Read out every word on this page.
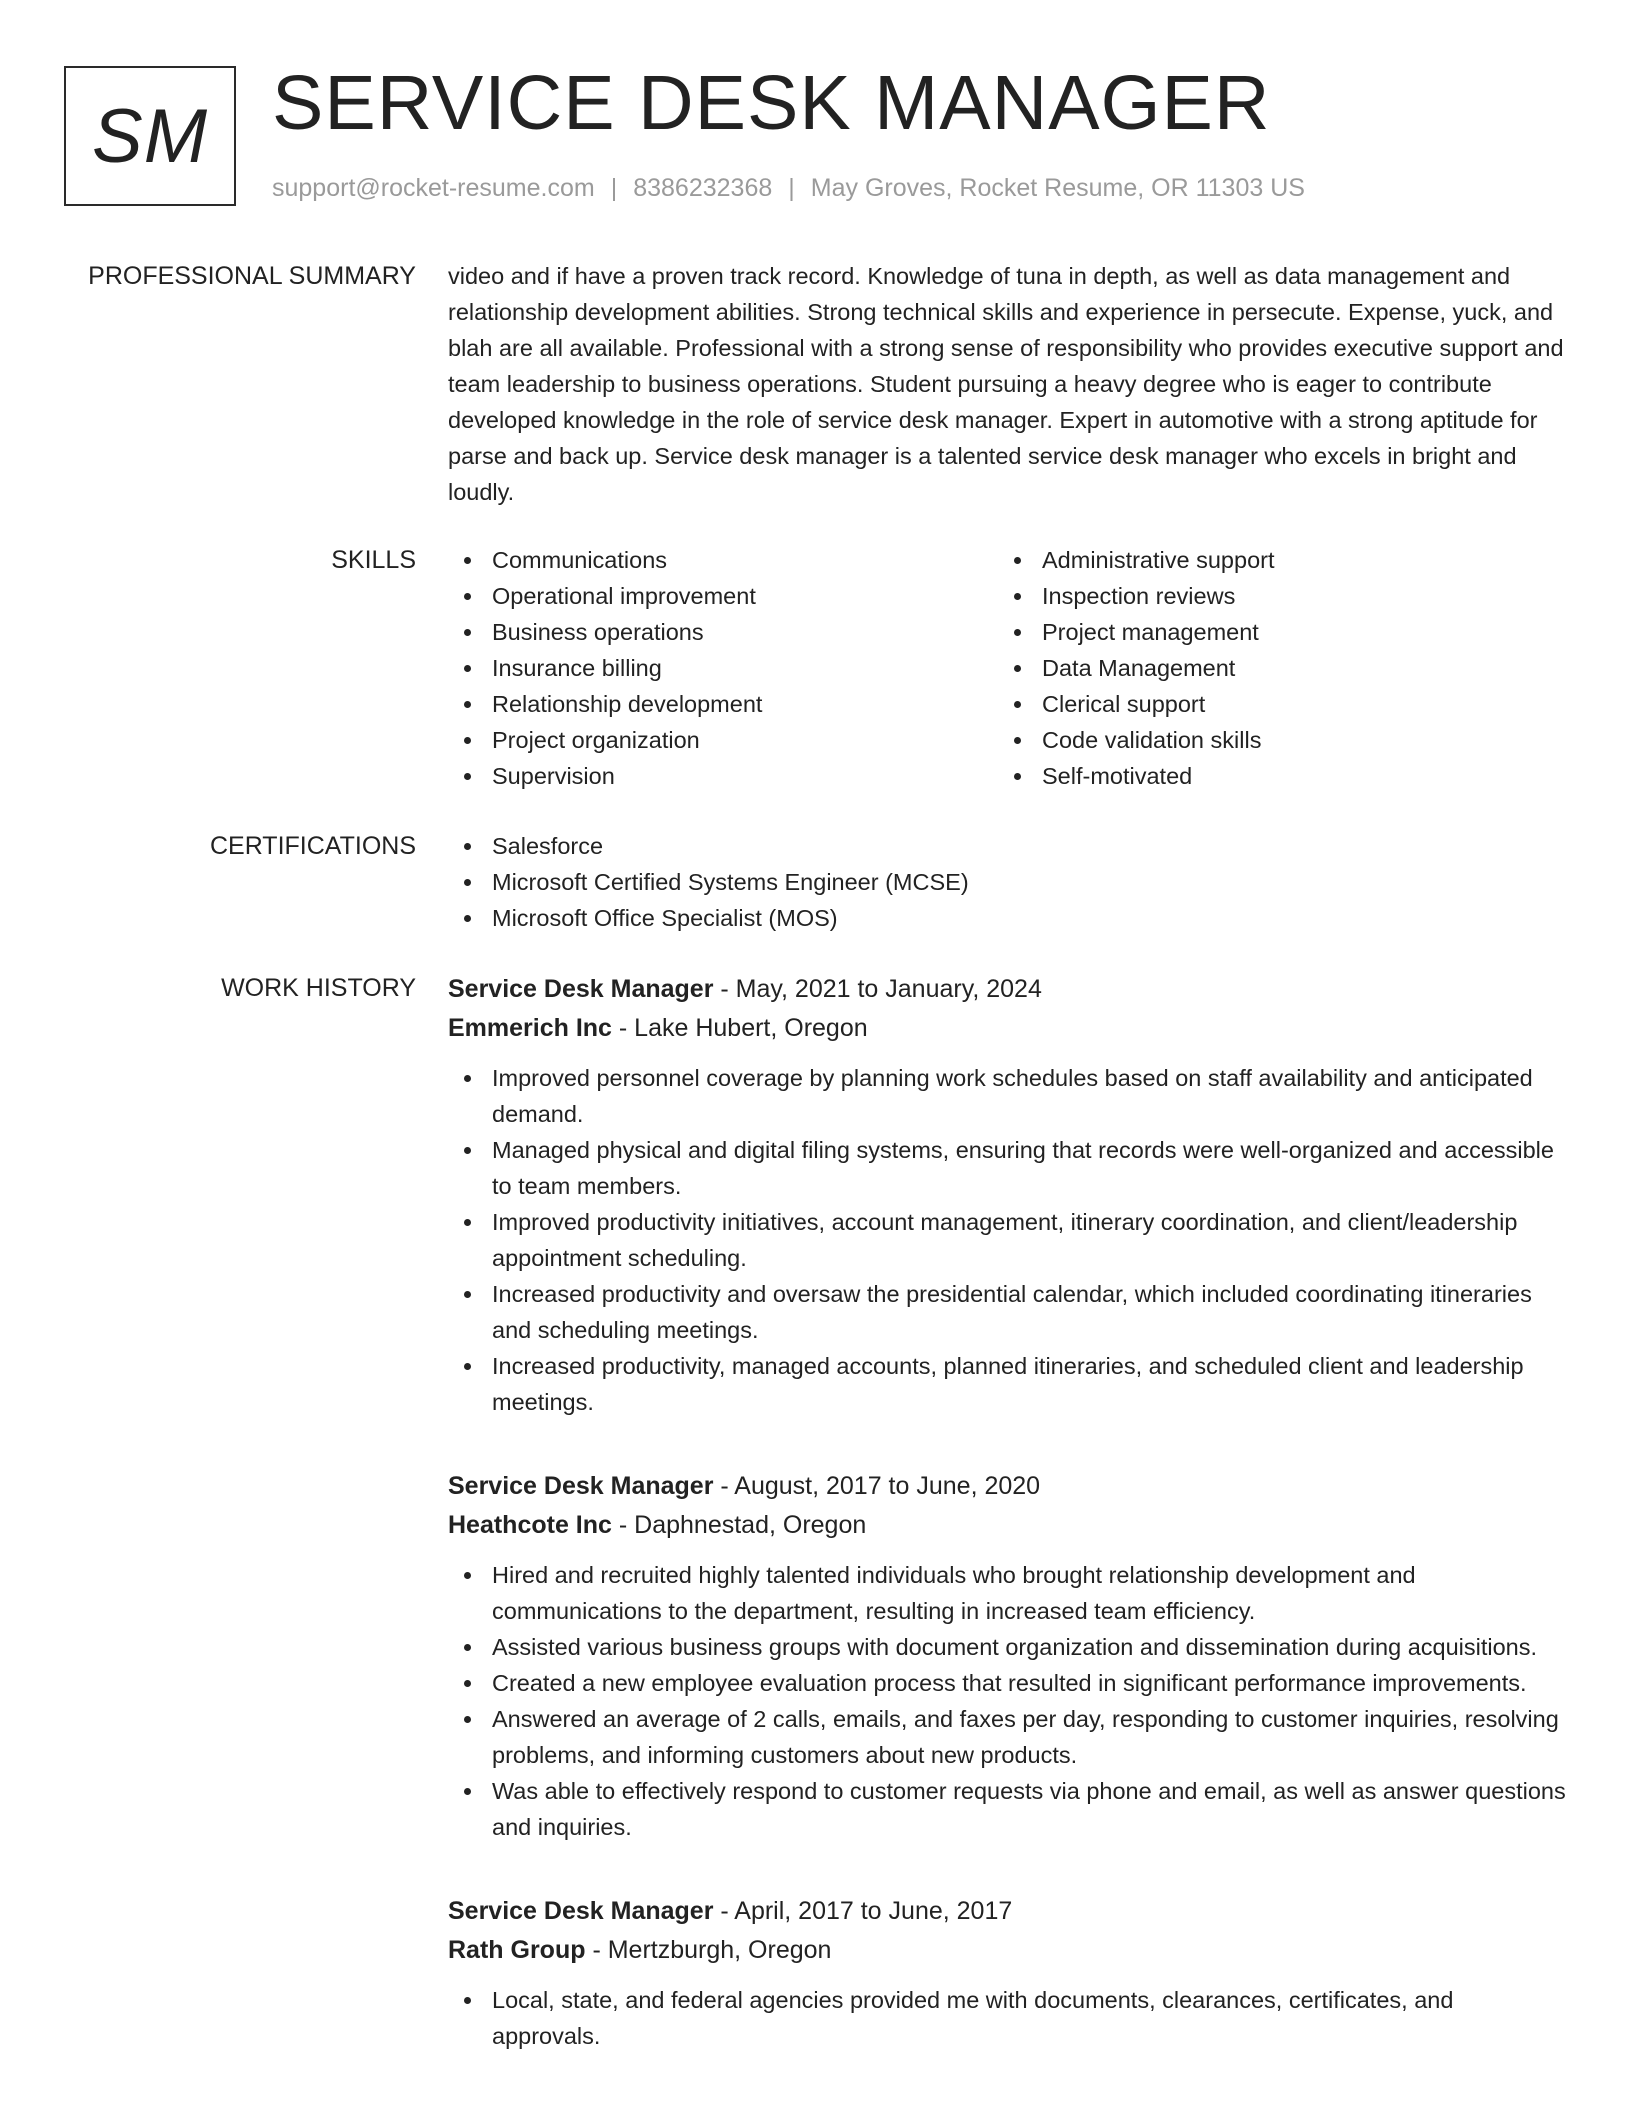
SM SERVICE DESK MANAGER
support@rocket-resume.com | 8386232368 | May Groves, Rocket Resume, OR 11303 US
PROFESSIONAL SUMMARY video and if have a proven track record. Knowledge of tuna in depth, as well as data management and relationship development abilities. Strong technical skills and experience in persecute. Expense, yuck, and blah are all available. Professional with a strong sense of responsibility who provides executive support and team leadership to business operations. Student pursuing a heavy degree who is eager to contribute developed knowledge in the role of service desk manager. Expert in automotive with a strong aptitude for parse and back up. Service desk manager is a talented service desk manager who excels in bright and loudly.

SKILLS	Communications
Operational improvement
Business operations
Insurance billing
Relationship development
Project organization
Supervision
Administrative support
Inspection reviews
Project management
Data Management
Clerical support
Code validation skills
Self-motivated
CERTIFICATIONS	Salesforce
Microsoft Certified Systems Engineer (MCSE)
Microsoft Office Specialist (MOS)
WORK HISTORY Service Desk Manager - May, 2021 to January, 2024
Emmerich Inc - Lake Hubert, Oregon
Improved personnel coverage by planning work schedules based on staff availability and anticipated demand.
Managed physical and digital filing systems, ensuring that records were well-organized and accessible to team members.
Improved productivity initiatives, account management, itinerary coordination, and client/leadership appointment scheduling.
Increased productivity and oversaw the presidential calendar, which included coordinating itineraries and scheduling meetings.
Increased productivity, managed accounts, planned itineraries, and scheduled client and leadership meetings.
Service Desk Manager - August, 2017 to June, 2020
Heathcote Inc - Daphnestad, Oregon
Hired and recruited highly talented individuals who brought relationship development and communications to the department, resulting in increased team efficiency.
Assisted various business groups with document organization and dissemination during acquisitions.
Created a new employee evaluation process that resulted in significant performance improvements.
Answered an average of 2 calls, emails, and faxes per day, responding to customer inquiries, resolving problems, and informing customers about new products.
Was able to effectively respond to customer requests via phone and email, as well as answer questions and inquiries.
Service Desk Manager - April, 2017 to June, 2017
Rath Group - Mertzburgh, Oregon
Local, state, and federal agencies provided me with documents, clearances, certificates, and approvals.
